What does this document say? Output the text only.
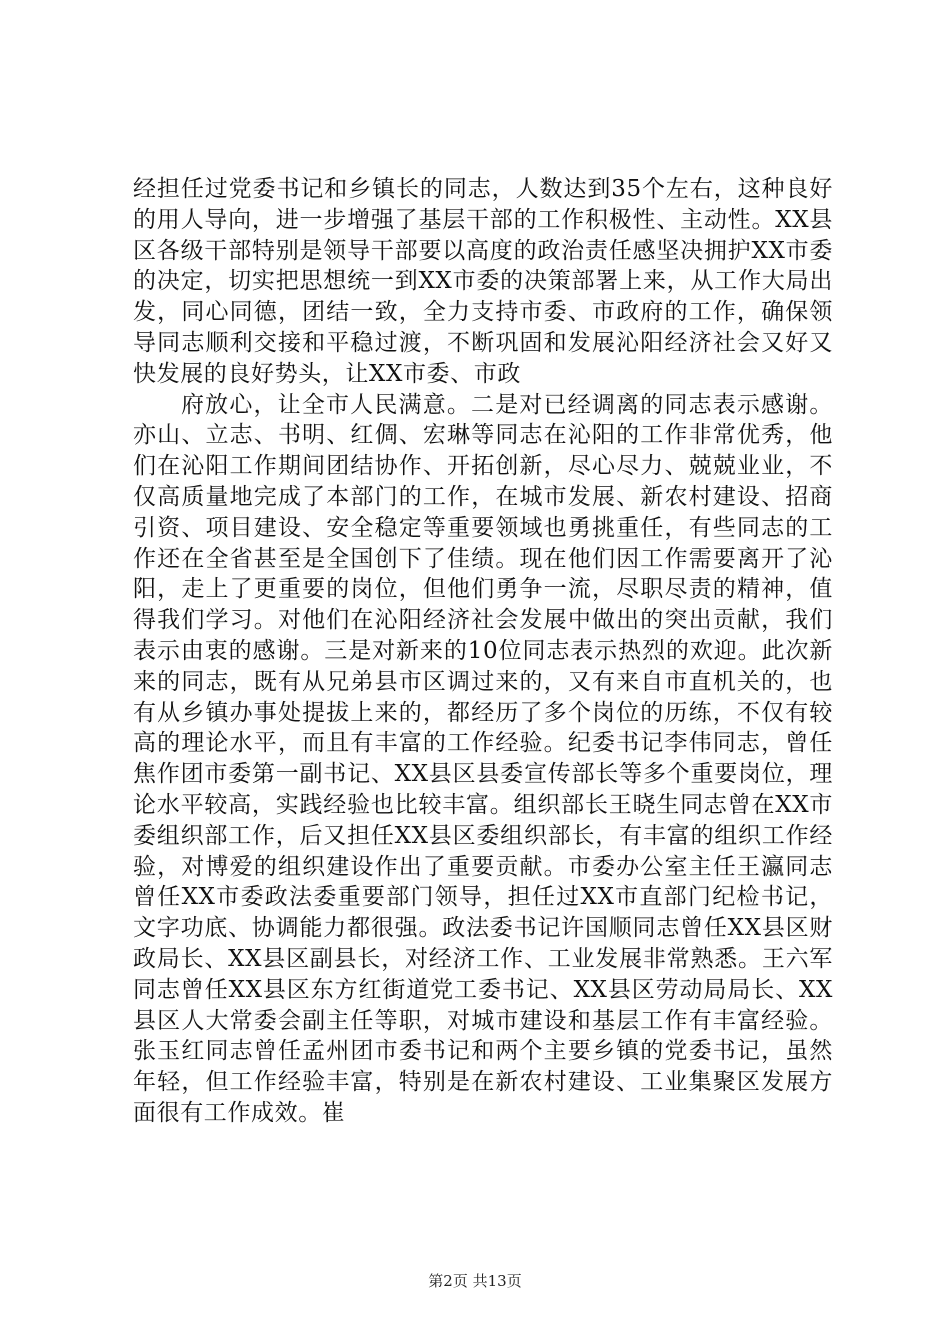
经担任过党委书记和乡镇长的同志，人数达到35个左右，这种良好的用人导向，进一步增强了基层干部的工作积极性、主动性。XX县区各级干部特别是领导干部要以高度的政治责任感坚决拥护XX市委的决定，切实把思想统一到XX市委的决策部署上来，从工作大局出发，同心同德，团结一致，全力支持市委、市政府的工作，确保领导同志顺利交接和平稳过渡，不断巩固和发展沁阳经济社会又好又快发展的良好势头，让XX市委、市政

府放心，让全市人民满意。二是对已经调离的同志表示感谢。亦山、立志、书明、红倜、宏琳等同志在沁阳的工作非常优秀，他们在沁阳工作期间团结协作、开拓创新，尽心尽力、兢兢业业，不仅高质量地完成了本部门的工作，在城市发展、新农村建设、招商引资、项目建设、安全稳定等重要领域也勇挑重任，有些同志的工作还在全省甚至是全国创下了佳绩。现在他们因工作需要离开了沁阳，走上了更重要的岗位，但他们勇争一流，尽职尽责的精神，值得我们学习。对他们在沁阳经济社会发展中做出的突出贡献，我们表示由衷的感谢。三是对新来的10位同志表示热烈的欢迎。此次新来的同志，既有从兄弟县市区调过来的，又有来自市直机关的，也有从乡镇办事处提拔上来的，都经历了多个岗位的历练，不仅有较高的理论水平，而且有丰富的工作经验。纪委书记李伟同志，曾任焦作团市委第一副书记、XX县区县委宣传部长等多个重要岗位，理论水平较高，实践经验也比较丰富。组织部长王晓生同志曾在XX市委组织部工作，后又担任XX县区委组织部长，有丰富的组织工作经验，对博爱的组织建设作出了重要贡献。市委办公室主任王瀛同志曾任XX市委政法委重要部门领导，担任过XX市直部门纪检书记，文字功底、协调能力都很强。政法委书记许国顺同志曾任XX县区财政局长、XX县区副县长，对经济工作、工业发展非常熟悉。王六军同志曾任XX县区东方红街道党工委书记、XX县区劳动局局长、XX县区人大常委会副主任等职，对城市建设和基层工作有丰富经验。张玉红同志曾任孟州团市委书记和两个主要乡镇的党委书记，虽然年轻，但工作经验丰富，特别是在新农村建设、工业集聚区发展方面很有工作成效。崔

第2页 共13页
